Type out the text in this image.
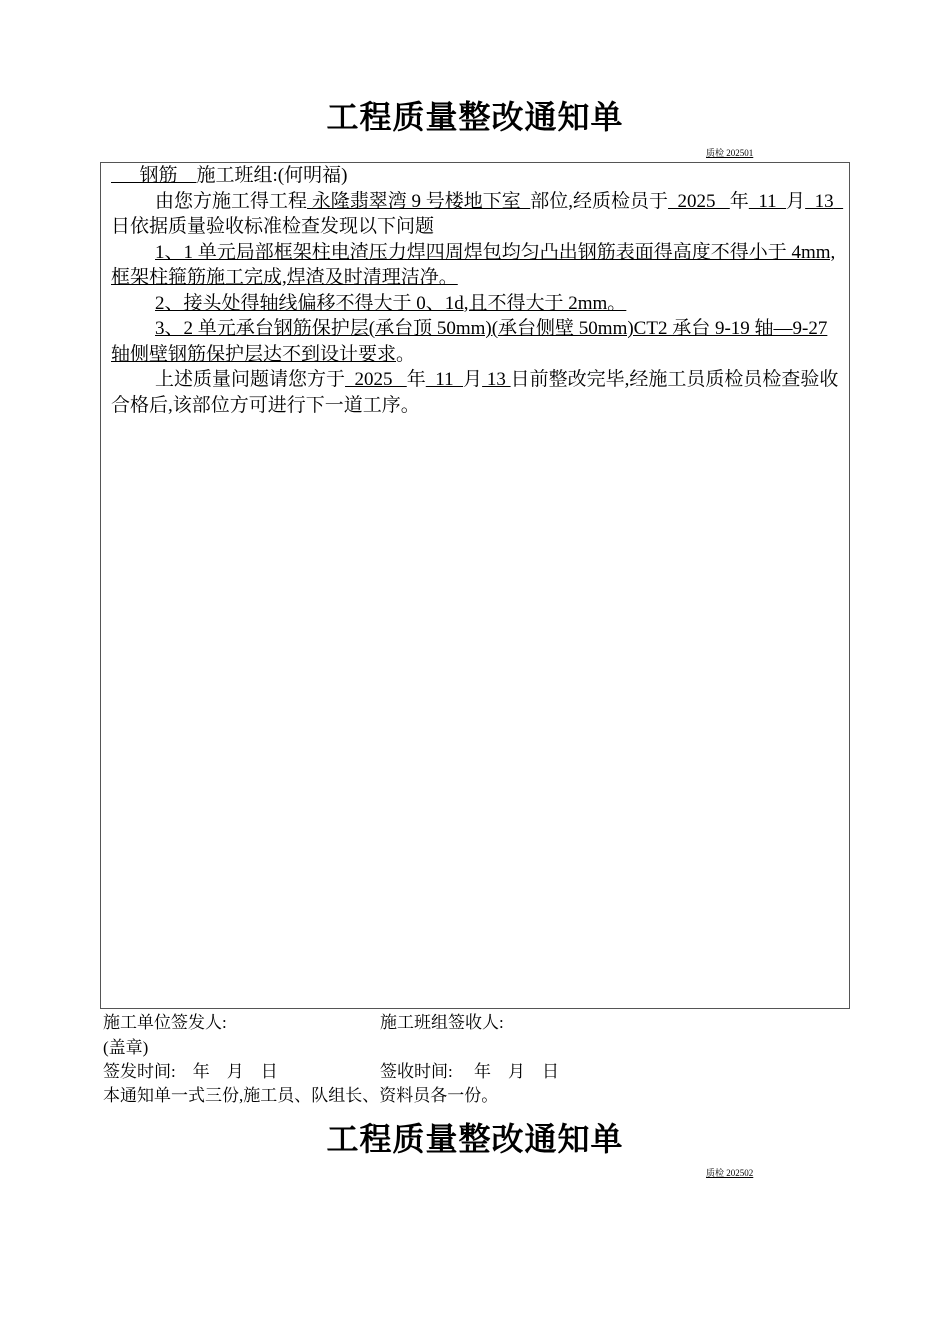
工程质量整改通知单
质检 202501

钢筋 施工班组:(何明福)

由您方施工得工程 永隆翡翠湾 9 号楼地下室  部位,经质检员于  2025   年  11  月  13  日依据质量验收标准检查发现以下问题

1、1 单元局部框架柱电渣压力焊四周焊包均匀凸出钢筋表面得高度不得小于 4mm,框架柱箍筋施工完成,焊渣及时清理洁净。

2、接头处得轴线偏移不得大于 0、1d,且不得大于 2mm。

3、2 单元承台钢筋保护层(承台顶 50mm)(承台侧壁 50mm)CT2 承台 9-19 轴—9-27 轴侧壁钢筋保护层达不到设计要求。

上述质量问题请您方于  2025   年  11  月 13 日前整改完毕,经施工员质检员检查验收合格后,该部位方可进行下一道工序。

施工单位签发人:	施工班组签收人:
(盖章)
签发时间:    年    月    日	签收时间:     年    月    日
本通知单一式三份,施工员、队组长、资料员各一份。
工程质量整改通知单
质检 202502
